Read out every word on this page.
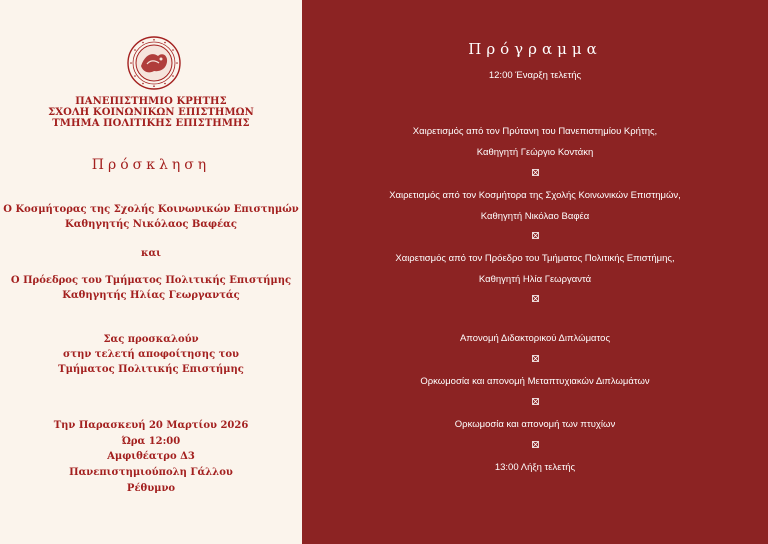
ΠΑΝΕΠΙΣΤΗΜΙΟ ΚΡΗΤΗΣ
ΣΧΟΛΗ ΚΟΙΝΩΝΙΚΩΝ ΕΠΙΣΤΗΜΩΝ
ΤΜΗΜΑ ΠΟΛΙΤΙΚΗΣ ΕΠΙΣΤΗΜΗΣ
Πρόσκληση
Ο Κοσμήτορας της Σχολής Κοινωνικών Επιστημών
Καθηγητής Νικόλαος Βαφέας
και
Ο Πρόεδρος του Τμήματος Πολιτικής Επιστήμης
Καθηγητής Ηλίας Γεωργαντάς
Σας προσκαλούν
στην τελετή αποφοίτησης του
Τμήματος Πολιτικής Επιστήμης
Την Παρασκευή 20 Μαρτίου 2026
Ώρα 12:00
Αμφιθέατρο Δ3
Πανεπιστημιούπολη Γάλλου
Ρέθυμνο
Πρόγραμμα
12:00 Έναρξη τελετής
Χαιρετισμός από τον Πρύτανη του Πανεπιστημίου Κρήτης,
Καθηγητή Γεώργιο Κοντάκη
Χαιρετισμός από τον Κοσμήτορα της Σχολής Κοινωνικών Επιστημών,
Καθηγητή Νικόλαο Βαφέα
Χαιρετισμός από τον Πρόεδρο του Τμήματος Πολιτικής Επιστήμης,
Καθηγητή Ηλία Γεωργαντά
Απονομή Διδακτορικού Διπλώματος
Ορκωμοσία και απονομή Μεταπτυχιακών Διπλωμάτων
Ορκωμοσία και απονομή των πτυχίων
13:00 Λήξη τελετής
